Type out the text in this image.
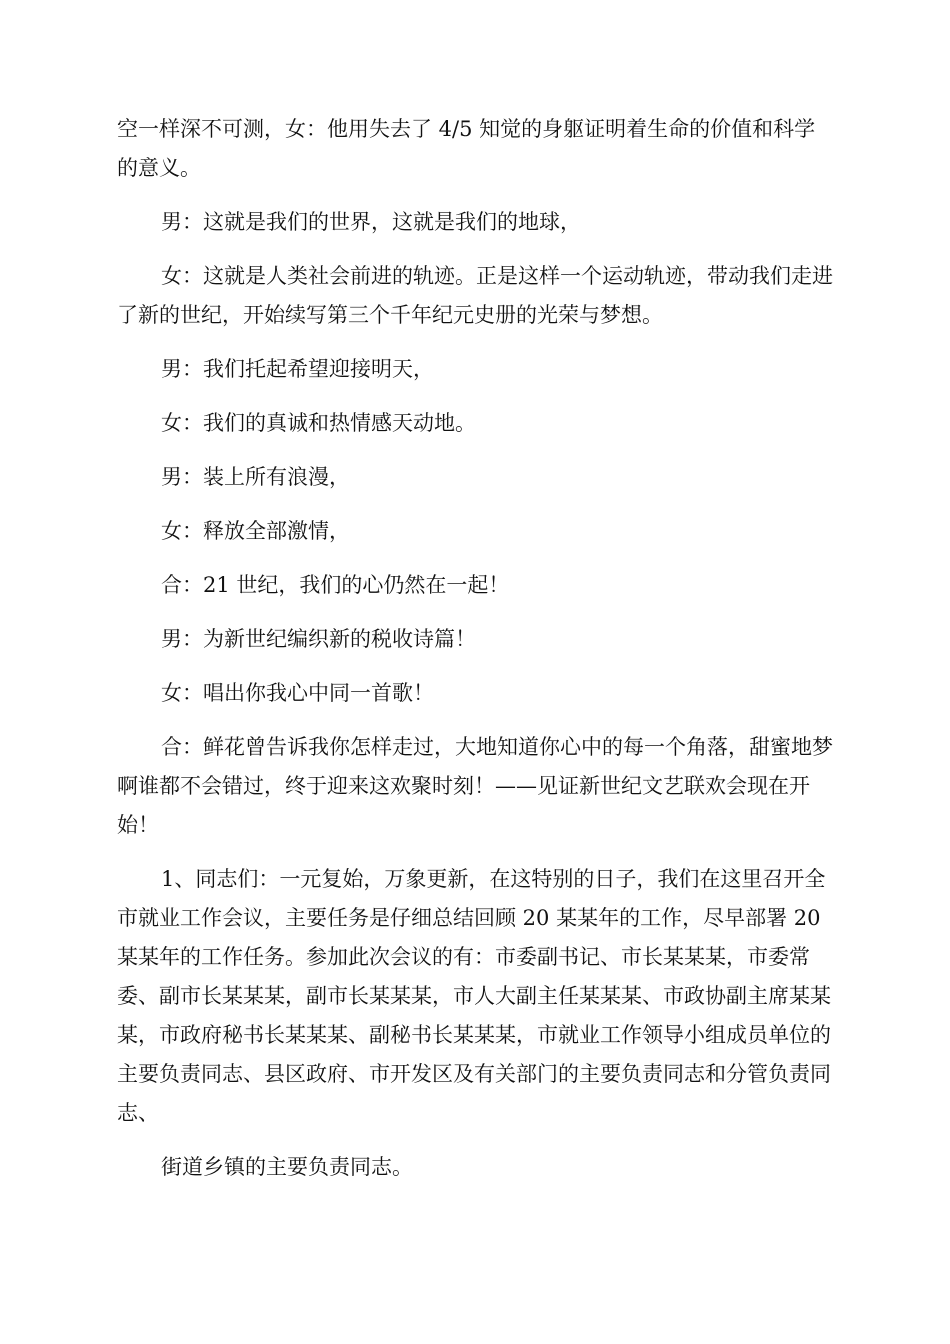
空一样深不可测，女：他用失去了 4/5 知觉的身躯证明着生命的价值和科学的意义。

男：这就是我们的世界，这就是我们的地球，

女：这就是人类社会前进的轨迹。正是这样一个运动轨迹，带动我们走进了新的世纪，开始续写第三个千年纪元史册的光荣与梦想。

男：我们托起希望迎接明天，

女：我们的真诚和热情感天动地。

男：装上所有浪漫，

女：释放全部激情，

合：21 世纪，我们的心仍然在一起！

男：为新世纪编织新的税收诗篇！

女：唱出你我心中同一首歌！

合：鲜花曾告诉我你怎样走过，大地知道你心中的每一个角落，甜蜜地梦啊谁都不会错过，终于迎来这欢聚时刻！——见证新世纪文艺联欢会现在开始！

1、同志们：一元复始，万象更新，在这特别的日子，我们在这里召开全市就业工作会议，主要任务是仔细总结回顾 20 某某年的工作，尽早部署 20 某某年的工作任务。参加此次会议的有：市委副书记、市长某某某，市委常委、副市长某某某，副市长某某某，市人大副主任某某某、市政协副主席某某某，市政府秘书长某某某、副秘书长某某某，市就业工作领导小组成员单位的主要负责同志、县区政府、市开发区及有关部门的主要负责同志和分管负责同志、

街道乡镇的主要负责同志。
